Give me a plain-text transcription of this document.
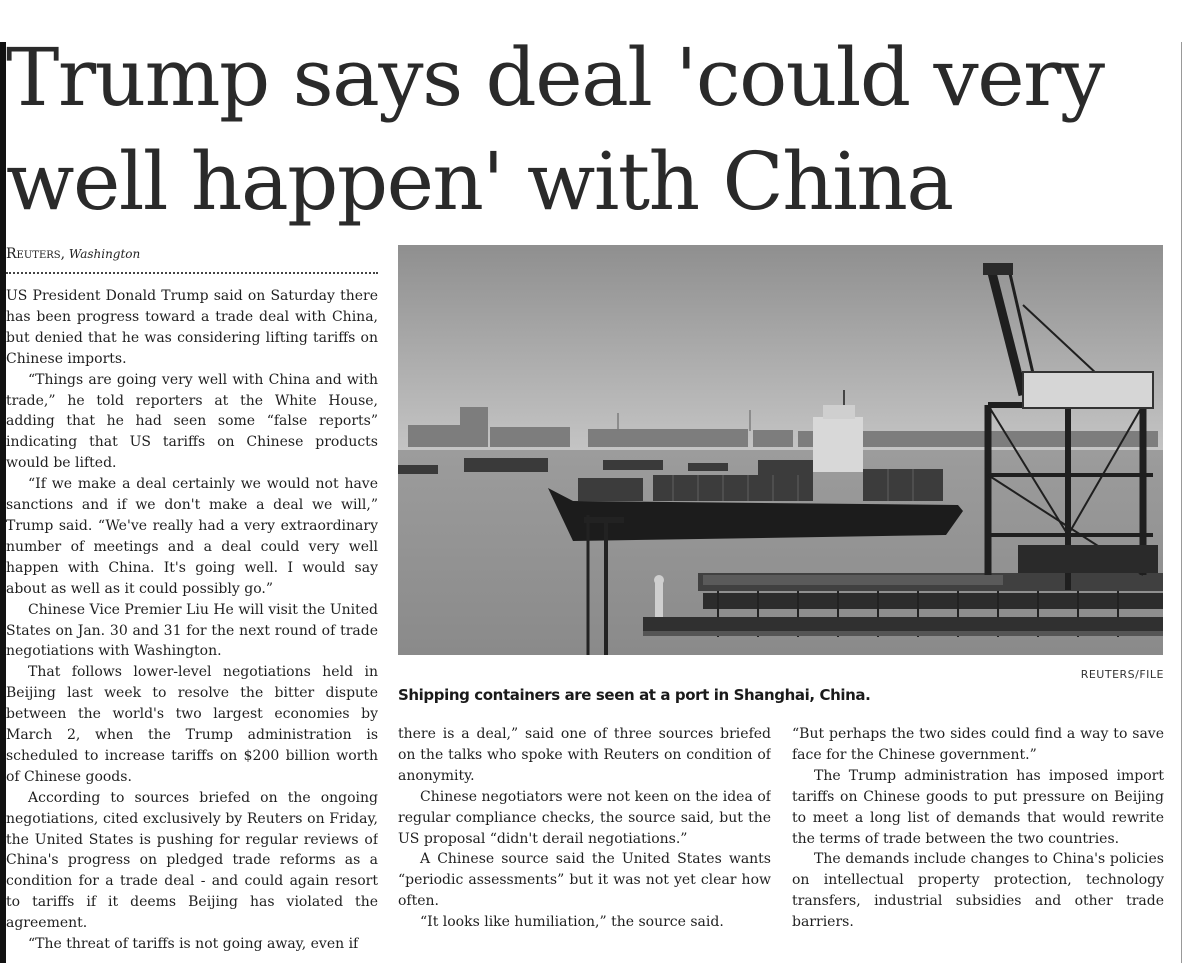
Trump says deal 'could very well happen' with China
Reuters, Washington

US President Donald Trump said on Saturday there has been progress toward a trade deal with China, but denied that he was considering lifting tariffs on Chinese imports.

“Things are going very well with China and with trade,” he told reporters at the White House, adding that he had seen some “false reports” indicating that US tariffs on Chinese products would be lifted.

“If we make a deal certainly we would not have sanctions and if we don't make a deal we will,” Trump said. “We've really had a very extraordinary number of meetings and a deal could very well happen with China. It's going well. I would say about as well as it could possibly go.”

Chinese Vice Premier Liu He will visit the United States on Jan. 30 and 31 for the next round of trade negotiations with Washington.

That follows lower-level negotiations held in Beijing last week to resolve the bitter dispute between the world's two largest economies by March 2, when the Trump administration is scheduled to increase tariffs on $200 billion worth of Chinese goods.

According to sources briefed on the ongoing negotiations, cited exclusively by Reuters on Friday, the United States is pushing for regular reviews of China's progress on pledged trade reforms as a condition for a trade deal - and could again resort to tariffs if it deems Beijing has violated the agreement.

“The threat of tariffs is not going away, even if

REUTERS/FILE
Shipping containers are seen at a port in Shanghai, China.

there is a deal,” said one of three sources briefed on the talks who spoke with Reuters on condition of anonymity.

Chinese negotiators were not keen on the idea of regular compliance checks, the source said, but the US proposal “didn't derail negotiations.”

A Chinese source said the United States wants “periodic assessments” but it was not yet clear how often.

“It looks like humiliation,” the source said.

“But perhaps the two sides could find a way to save face for the Chinese government.”

The Trump administration has imposed import tariffs on Chinese goods to put pressure on Beijing to meet a long list of demands that would rewrite the terms of trade between the two countries.

The demands include changes to China's policies on intellectual property protection, technology transfers, industrial subsidies and other trade barriers.
